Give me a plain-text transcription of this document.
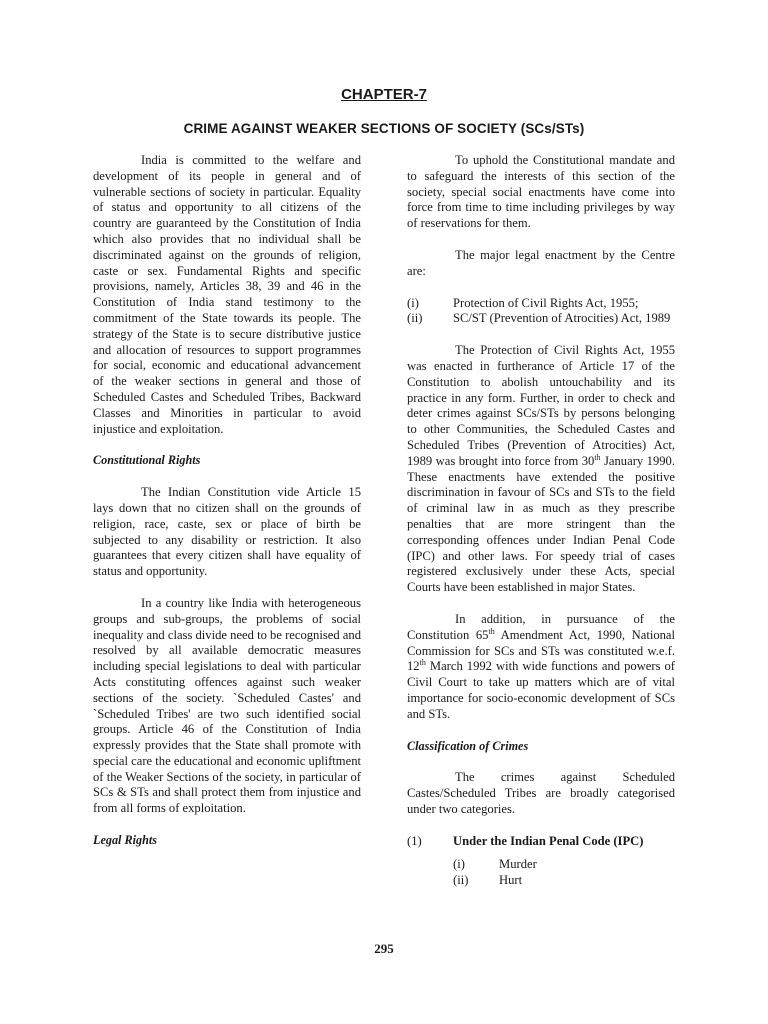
CHAPTER-7
CRIME AGAINST WEAKER SECTIONS OF SOCIETY (SCs/STs)

India is committed to the welfare and development of its people in general and of vulnerable sections of society in particular. Equality of status and opportunity to all citizens of the country are guaranteed by the Constitution of India which also provides that no individual shall be discriminated against on the grounds of religion, caste or sex. Fundamental Rights and specific provisions, namely, Articles 38, 39 and 46 in the Constitution of India stand testimony to the commitment of the State towards its people. The strategy of the State is to secure distributive justice and allocation of resources to support programmes for social, economic and educational advancement of the weaker sections in general and those of Scheduled Castes and Scheduled Tribes, Backward Classes and Minorities in particular to avoid injustice and exploitation.

Constitutional Rights

The Indian Constitution vide Article 15 lays down that no citizen shall on the grounds of religion, race, caste, sex or place of birth be subjected to any disability or restriction. It also guarantees that every citizen shall have equality of status and opportunity.

In a country like India with heterogeneous groups and sub-groups, the problems of social inequality and class divide need to be recognised and resolved by all available democratic measures including special legislations to deal with particular Acts constituting offences against such weaker sections of the society. `Scheduled Castes' and `Scheduled Tribes' are two such identified social groups. Article 46 of the Constitution of India expressly provides that the State shall promote with special care the educational and economic upliftment of the Weaker Sections of the society, in particular of SCs & STs and shall protect them from injustice and from all forms of exploitation.

Legal Rights

To uphold the Constitutional mandate and to safeguard the interests of this section of the society, special social enactments have come into force from time to time including privileges by way of reservations for them.

The major legal enactment by the Centre are:

(i)	Protection of Civil Rights Act, 1955;
(ii)	SC/ST (Prevention of Atrocities) Act, 1989

The Protection of Civil Rights Act, 1955 was enacted in furtherance of Article 17 of the Constitution to abolish untouchability and its practice in any form. Further, in order to check and deter crimes against SCs/STs by persons belonging to other Communities, the Scheduled Castes and Scheduled Tribes (Prevention of Atrocities) Act, 1989 was brought into force from 30th January 1990. These enactments have extended the positive discrimination in favour of SCs and STs to the field of criminal law in as much as they prescribe penalties that are more stringent than the corresponding offences under Indian Penal Code (IPC) and other laws. For speedy trial of cases registered exclusively under these Acts, special Courts have been established in major States.

In addition, in pursuance of the Constitution 65th Amendment Act, 1990, National Commission for SCs and STs was constituted w.e.f. 12th March 1992 with wide functions and powers of Civil Court to take up matters which are of vital importance for socio-economic development of SCs and STs.

Classification of Crimes

The crimes against Scheduled Castes/Scheduled Tribes are broadly categorised under two categories.

(1)	Under the Indian Penal Code (IPC)
(i)	Murder
(ii)	Hurt
295
